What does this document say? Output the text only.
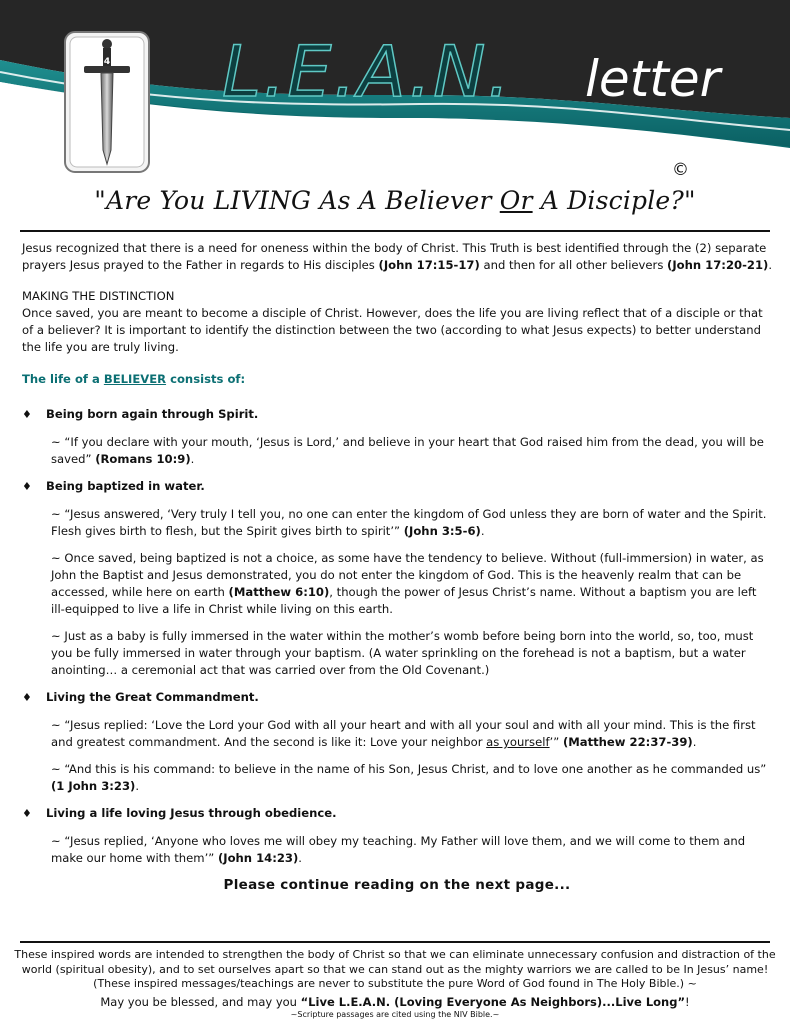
L.E.A.N. letter
4
©
"Are You LIVING As A Believer Or A Disciple?"

Jesus recognized that there is a need for oneness within the body of Christ. This Truth is best identified through the (2) separate prayers Jesus prayed to the Father in regards to His disciples (John 17:15-17) and then for all other believers (John 17:20-21).

MAKING THE DISTINCTION

Once saved, you are meant to become a disciple of Christ. However, does the life you are living reflect that of a disciple or that of a believer? It is important to identify the distinction between the two (according to what Jesus expects) to better understand the life you are truly living.

The life of a BELIEVER consists of:

♦ Being born again through Spirit.

~ “If you declare with your mouth, ‘Jesus is Lord,’ and believe in your heart that God raised him from the dead, you will be saved” (Romans 10:9).

♦ Being baptized in water.

~ “Jesus answered, ‘Very truly I tell you, no one can enter the kingdom of God unless they are born of water and the Spirit. Flesh gives birth to flesh, but the Spirit gives birth to spirit’” (John 3:5-6).

~ Once saved, being baptized is not a choice, as some have the tendency to believe. Without (full-immersion) in water, as John the Baptist and Jesus demonstrated, you do not enter the kingdom of God. This is the heavenly realm that can be accessed, while here on earth (Matthew 6:10), though the power of Jesus Christ’s name. Without a baptism you are left ill-equipped to live a life in Christ while living on this earth.

~ Just as a baby is fully immersed in the water within the mother’s womb before being born into the world, so, too, must you be fully immersed in water through your baptism. (A water sprinkling on the forehead is not a baptism, but a water anointing… a ceremonial act that was carried over from the Old Covenant.)

♦ Living the Great Commandment.

~ “Jesus replied: ‘Love the Lord your God with all your heart and with all your soul and with all your mind. This is the first and greatest commandment. And the second is like it: Love your neighbor as yourself’” (Matthew 22:37-39).

~ “And this is his command: to believe in the name of his Son, Jesus Christ, and to love one another as he commanded us”
(1 John 3:23).

♦ Living a life loving Jesus through obedience.

~ “Jesus replied, ‘Anyone who loves me will obey my teaching. My Father will love them, and we will come to them and make our home with them’” (John 14:23).

Please continue reading on the next page...

These inspired words are intended to strengthen the body of Christ so that we can eliminate unnecessary confusion and distraction of the world (spiritual obesity), and to set ourselves apart so that we can stand out as the mighty warriors we are called to be In Jesus’ name!
(These inspired messages/teachings are never to substitute the pure Word of God found in The Holy Bible.) ~
May you be blessed, and may you “Live L.E.A.N. (Loving Everyone As Neighbors)...Live Long”!
~Scripture passages are cited using the NIV Bible.~
